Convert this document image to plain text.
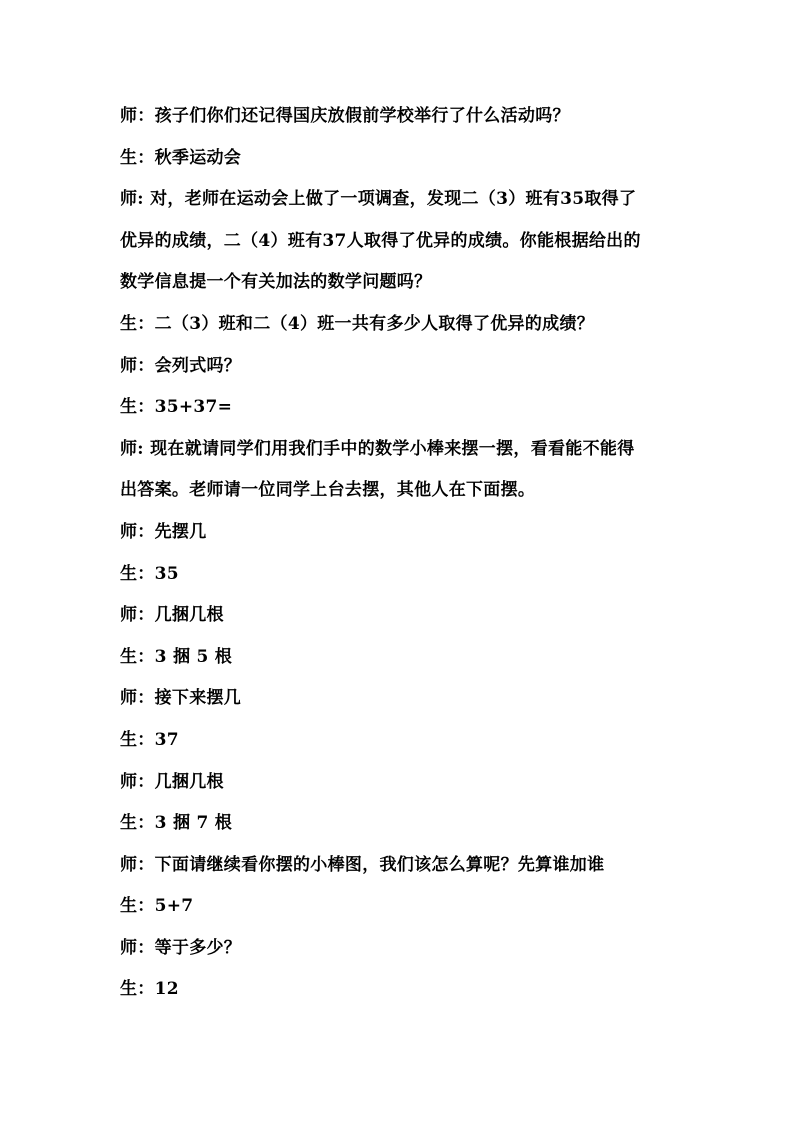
师：孩子们你们还记得国庆放假前学校举行了什么活动吗？
生：秋季运动会
师: 对，老师在运动会上做了一项调查，发现二（3）班有35取得了
优异的成绩，二（4）班有37人取得了优异的成绩。你能根据给出的
数学信息提一个有关加法的数学问题吗？
生：二（3）班和二（4）班一共有多少人取得了优异的成绩？
师：会列式吗？
生：35+37=
师: 现在就请同学们用我们手中的数学小棒来摆一摆，看看能不能得
出答案。老师请一位同学上台去摆，其他人在下面摆。
师：先摆几
生：35
师：几捆几根
生：3 捆 5 根
师：接下来摆几
生：37
师：几捆几根
生：3 捆 7 根
师：下面请继续看你摆的小棒图，我们该怎么算呢？先算谁加谁
生：5+7
师：等于多少？
生：12
